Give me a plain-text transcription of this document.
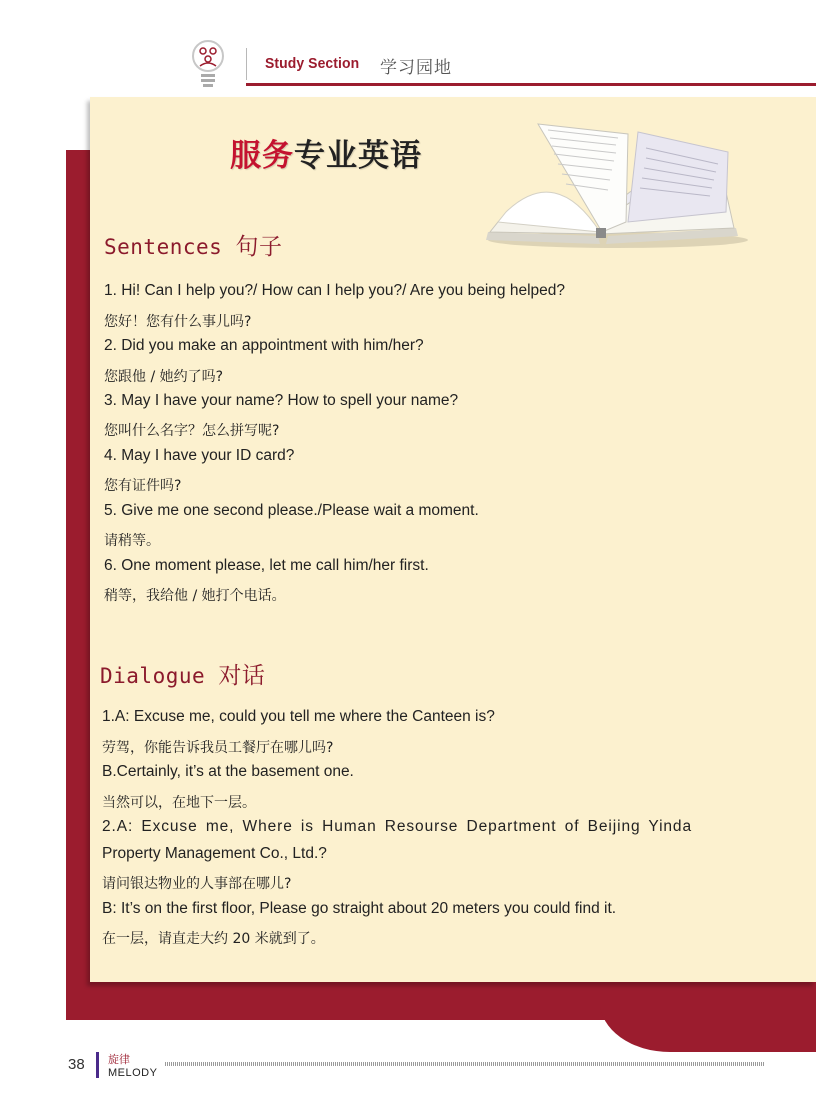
Study Section 学习园地
服务专业英语
Sentences 句子
1. Hi! Can I help you?/ How can I help you?/ Are you being helped?
您好！您有什么事儿吗?
2. Did you make an appointment with him/her?
您跟他 / 她约了吗?
3. May I have your name? How to spell your name?
您叫什么名字？怎么拼写呢?
4. May I have your ID card?
您有证件吗?
5. Give me one second please./Please wait a moment.
请稍等。
6. One moment please, let me call him/her first.
稍等，我给他 / 她打个电话。
Dialogue 对话
1.A: Excuse me, could you tell me where the Canteen is?
劳驾，你能告诉我员工餐厅在哪儿吗?
B.Certainly, it’s at the basement one.
当然可以，在地下一层。
2.A: Excuse me, Where is Human Resourse Department of Beijing Yinda
Property Management Co., Ltd.?
请问银达物业的人事部在哪儿?
B: It’s on the first floor, Please go straight about 20 meters you could find it.
在一层，请直走大约 20 米就到了。
38 旋律
MELODY
